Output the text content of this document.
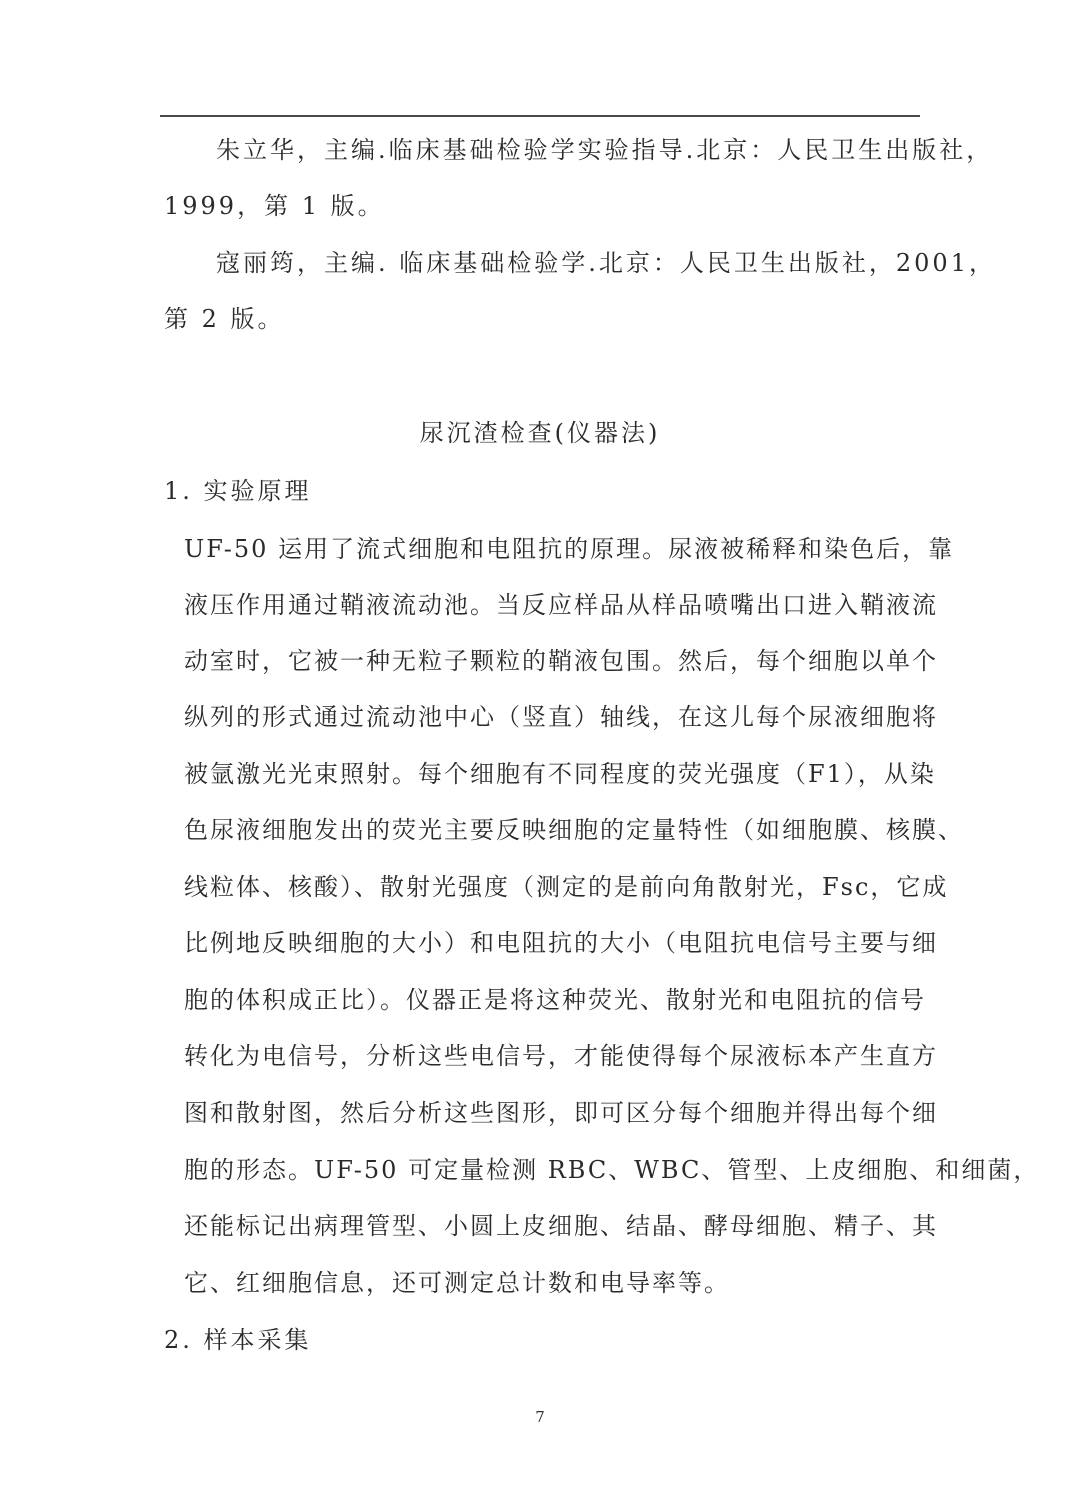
朱立华，主编.临床基础检验学实验指导.北京：人民卫生出版社，
1999，第 1 版。
寇丽筠，主编. 临床基础检验学.北京：人民卫生出版社，2001，
第 2 版。
尿沉渣检查(仪器法)
1. 实验原理
UF-50 运用了流式细胞和电阻抗的原理。尿液被稀释和染色后，靠
液压作用通过鞘液流动池。当反应样品从样品喷嘴出口进入鞘液流
动室时，它被一种无粒子颗粒的鞘液包围。然后，每个细胞以单个
纵列的形式通过流动池中心（竖直）轴线，在这儿每个尿液细胞将
被氩激光光束照射。每个细胞有不同程度的荧光强度（F1），从染
色尿液细胞发出的荧光主要反映细胞的定量特性（如细胞膜、核膜、
线粒体、核酸）、散射光强度（测定的是前向角散射光，Fsc，它成
比例地反映细胞的大小）和电阻抗的大小（电阻抗电信号主要与细
胞的体积成正比）。仪器正是将这种荧光、散射光和电阻抗的信号
转化为电信号，分析这些电信号，才能使得每个尿液标本产生直方
图和散射图，然后分析这些图形，即可区分每个细胞并得出每个细
胞的形态。UF-50 可定量检测 RBC、WBC、管型、上皮细胞、和细菌，
还能标记出病理管型、小圆上皮细胞、结晶、酵母细胞、精子、其
它、红细胞信息，还可测定总计数和电导率等。
2. 样本采集
7
